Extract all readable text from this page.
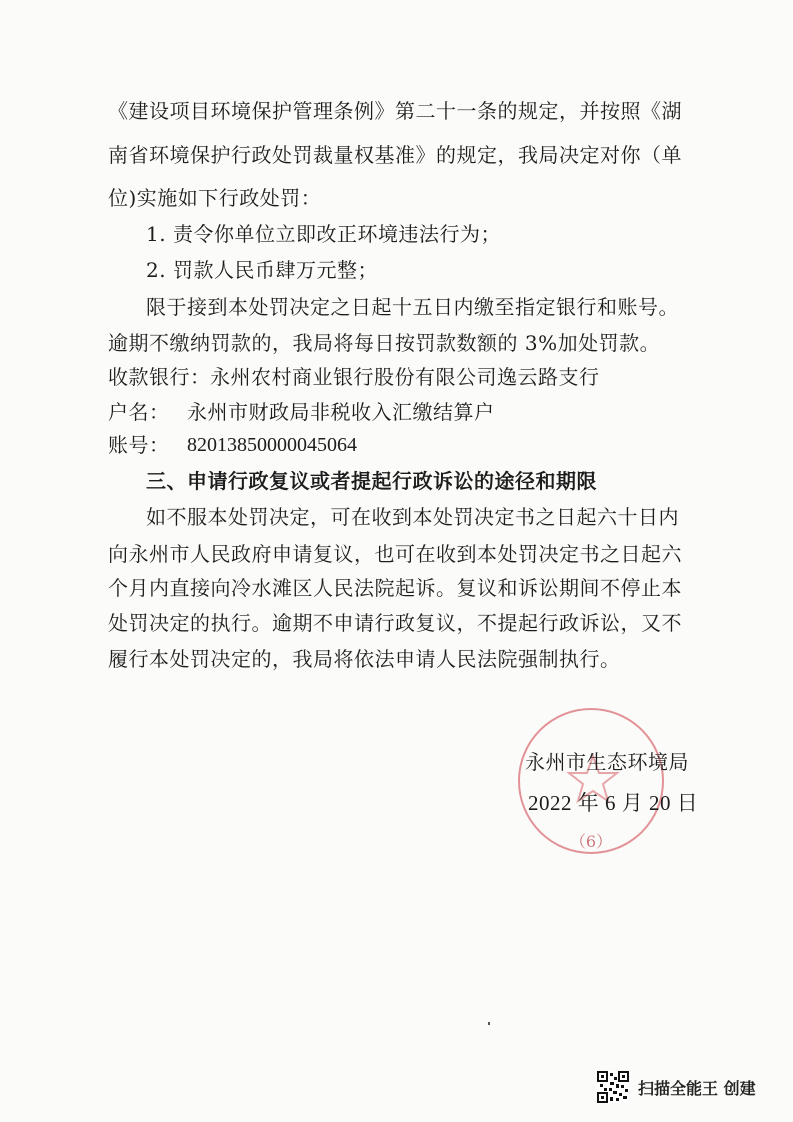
《建设项目环境保护管理条例》第二十一条的规定，并按照《湖
南省环境保护行政处罚裁量权基准》的规定，我局决定对你（单
位)实施如下行政处罚：
1. 责令你单位立即改正环境违法行为；
2. 罚款人民币肆万元整；
限于接到本处罚决定之日起十五日内缴至指定银行和账号。
逾期不缴纳罚款的，我局将每日按罚款数额的 3%加处罚款。
收款银行： 永州农村商业银行股份有限公司逸云路支行
户名： 永州市财政局非税收入汇缴结算户
账号： 82013850000045064
三、申请行政复议或者提起行政诉讼的途径和期限
如不服本处罚决定，可在收到本处罚决定书之日起六十日内
向永州市人民政府申请复议，也可在收到本处罚决定书之日起六
个月内直接向冷水滩区人民法院起诉。复议和诉讼期间不停止本
处罚决定的执行。逾期不申请行政复议，不提起行政诉讼，又不
履行本处罚决定的，我局将依法申请人民法院强制执行。
（6）
永州市生态环境局
2022 年 6 月 20 日
扫描全能王 创建
